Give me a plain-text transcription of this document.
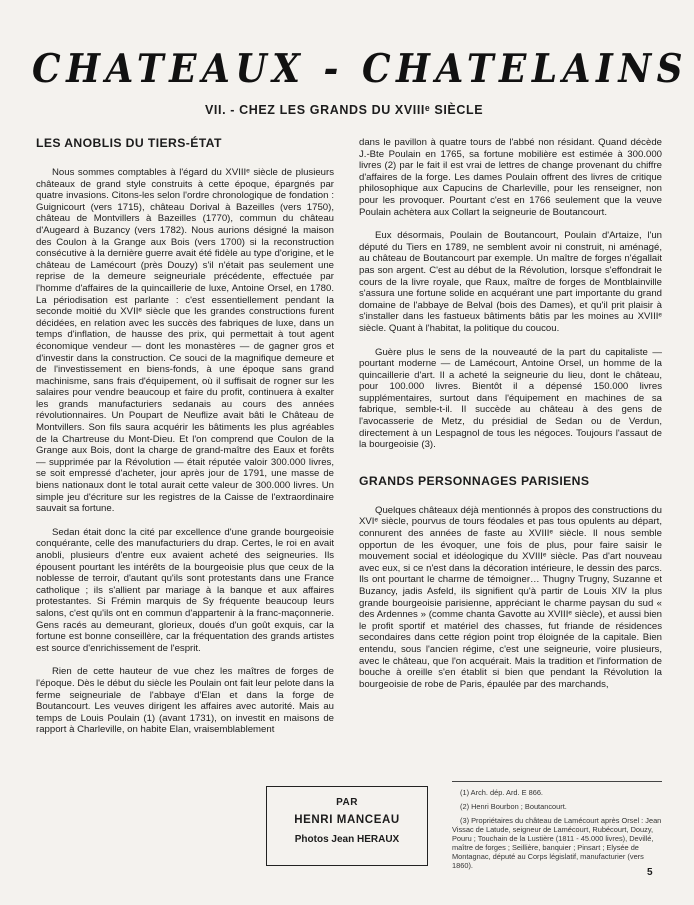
CHATEAUX - CHATELAINS
VII. - CHEZ LES GRANDS DU XVIIIᵉ SIÈCLE
LES ANOBLIS DU TIERS-ÉTAT

Nous sommes comptables à l'égard du XVIIIᵉ siècle de plusieurs châteaux de grand style construits à cette époque, épargnés par quatre invasions. Citons-les selon l'ordre chronologique de fondation : Guignicourt (vers 1715), château Dorival à Bazeilles (vers 1750), château de Montvillers à Bazeilles (1770), commun du château d'Augeard à Buzancy (vers 1782). Nous aurions désigné la maison des Coulon à la Grange aux Bois (vers 1700) si la reconstruction consécutive à la dernière guerre avait été fidèle au type d'origine, et le château de Lamécourt (près Douzy) s'il n'était pas seulement une reprise de la demeure seigneuriale précédente, effectuée par l'homme d'affaires de la quincaillerie de luxe, Antoine Orsel, en 1780. La périodisation est parlante : c'est essentiellement pendant la seconde moitié du XVIIᵉ siècle que les grandes constructions furent décidées, en relation avec les succès des fabriques de luxe, dans un temps d'inflation, de hausse des prix, qui permettait à tout agent économique vendeur — dont les monastères — de gagner gros et d'investir dans la construction. Ce souci de la magnifique demeure et de l'investissement en biens-fonds, à une époque sans grand machinisme, sans frais d'équipement, où il suffisait de rogner sur les salaires pour vendre beaucoup et faire du profit, continuera à exalter les grands manufacturiers sedanais au cours des années révolutionnaires. Un Poupart de Neuflize avait bâti le Château de Montvillers. Son fils saura acquérir les bâtiments les plus agréables de la Chartreuse du Mont-Dieu. Et l'on comprend que Coulon de la Grange aux Bois, dont la charge de grand-maître des Eaux et forêts — supprimée par la Révolution — était réputée valoir 300.000 livres, se soit empressé d'acheter, jour après jour de 1791, une masse de biens nationaux dont le total aurait cette valeur de 300.000 livres. Un simple jeu d'écriture sur les registres de la Caisse de l'extraordinaire sauvait sa fortune.

Sedan était donc la cité par excellence d'une grande bourgeoisie conquérante, celle des manufacturiers du drap. Certes, le roi en avait anobli, plusieurs d'entre eux avaient acheté des seigneuries. Ils épousent pourtant les intérêts de la bourgeoisie plus que ceux de la noblesse de terroir, d'autant qu'ils sont protestants dans une France catholique ; ils s'allient par mariage à la banque et aux affaires protestantes. Si Frémin marquis de Sy fréquente beaucoup leurs salons, c'est qu'ils ont en commun d'appartenir à la franc-maçonnerie. Gens racés au demeurant, glorieux, doués d'un goût exquis, car la fortune est bonne conseillère, car la fréquentation des grands artistes est source d'enrichissement de l'esprit.

Rien de cette hauteur de vue chez les maîtres de forges de l'époque. Dès le début du siècle les Poulain ont fait leur pelote dans la ferme seigneuriale de l'abbaye d'Elan et dans la forge de Boutancourt. Les veuves dirigent les affaires avec autorité. Mais au temps de Louis Poulain (1) (avant 1731), on investit en maisons de rapport à Charleville, on habite Elan, vraisemblablement

dans le pavillon à quatre tours de l'abbé non résidant. Quand décède J.-Bte Poulain en 1765, sa fortune mobilière est estimée à 300.000 livres (2) par le fait il est vrai de lettres de change provenant du chiffre d'affaires de la forge. Les dames Poulain offrent des livres de critique philosophique aux Capucins de Charleville, pour les renseigner, non pour les provoquer. Pourtant c'est en 1766 seulement que la veuve Poulain achètera aux Collart la seigneurie de Boutancourt.

Eux désormais, Poulain de Boutancourt, Poulain d'Artaize, l'un député du Tiers en 1789, ne semblent avoir ni construit, ni aménagé, au château de Boutancourt par exemple. Un maître de forges n'égallait pas son argent. C'est au début de la Révolution, lorsque s'effondrait le cours de la livre royale, que Raux, maître de forges de Montblainville s'assura une fortune solide en acquérant une part importante du grand domaine de l'abbaye de Belval (bois des Dames), et qu'il prit plaisir à s'installer dans les fastueux bâtiments bâtis par les moines au XVIIIᵉ siècle. Quant à l'habitat, la politique du coucou.

Guère plus le sens de la nouveauté de la part du capitaliste — pourtant moderne — de Lamécourt, Antoine Orsel, un homme de la quincaillerie d'art. Il a acheté la seigneurie du lieu, dont le château, pour 100.000 livres. Bientôt il a dépensé 150.000 livres supplémentaires, surtout dans l'équipement en machines de sa fabrique, semble-t-il. Il succède au château à des gens de l'avocasserie de Metz, du présidial de Sedan ou de Verdun, directement à un Lespagnol de tous les négoces. Toujours l'assaut de la bourgeoisie (3).

GRANDS PERSONNAGES PARISIENS

Quelques châteaux déjà mentionnés à propos des constructions du XVIᵉ siècle, pourvus de tours féodales et pas tous opulents au départ, connurent des années de faste au XVIIIᵉ siècle. Il nous semble opportun de les évoquer, une fois de plus, pour faire saisir le mouvement social et idéologique du XVIIIᵉ siècle. Pas d'art nouveau avec eux, si ce n'est dans la décoration intérieure, le dessin des parcs. Ils ont pourtant le charme de témoigner… Thugny Trugny, Suzanne et Buzancy, jadis Asfeld, ils signifient qu'à partir de Louis XIV la plus grande bourgeoisie parisienne, appréciant le charme paysan du sud « des Ardennes » (comme chanta Gavotte au XVIIIᵉ siècle), et aussi bien le profit sportif et matériel des chasses, fut friande de résidences secondaires dans cette région point trop éloignée de la capitale. Bien entendu, sous l'ancien régime, c'est une seigneurie, voire plusieurs, avec le château, que l'on acquérait. Mais la tradition et l'information de bouche à oreille s'en établit si bien que pendant la Révolution la bourgeoisie de robe de Paris, épaulée par des marchands,

PAR
HENRI MANCEAU
Photos Jean HERAUX

(1) Arch. dép. Ard. E 866.

(2) Henri Bourbon ; Boutancourt.

(3) Propriétaires du château de Lamécourt après Orsel : Jean Vissac de Latude, seigneur de Lamécourt, Rubécourt, Douzy, Pouru ; Touchain de la Lustière (1811 - 45.000 livres), Devillé, maître de forges ; Seillière, banquier ; Pinsart ; Elysée de Montagnac, député au Corps législatif, manufacturier (vers 1860).

5
